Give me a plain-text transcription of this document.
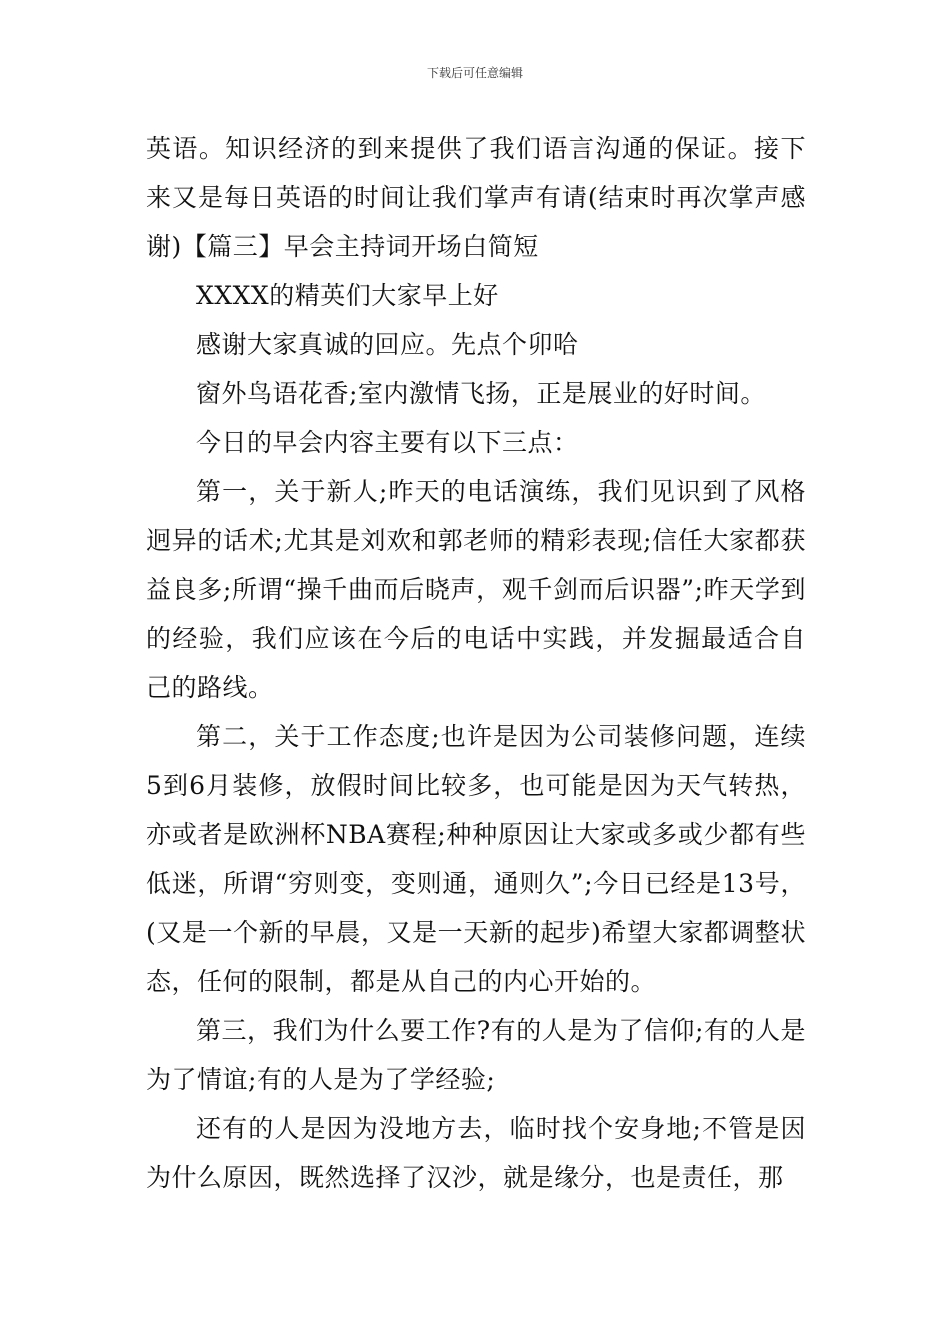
下载后可任意编辑

英语。知识经济的到来提供了我们语言沟通的保证。接下来又是每日英语的时间让我们掌声有请(结束时再次掌声感谢)【篇三】早会主持词开场白简短

XXXX的精英们大家早上好

感谢大家真诚的回应。先点个卯哈

窗外鸟语花香;室内激情飞扬，正是展业的好时间。

今日的早会内容主要有以下三点：

第一，关于新人;昨天的电话演练，我们见识到了风格迥异的话术;尤其是刘欢和郭老师的精彩表现;信任大家都获益良多;所谓“操千曲而后晓声，观千剑而后识器”;昨天学到的经验，我们应该在今后的电话中实践，并发掘最适合自己的路线。

第二，关于工作态度;也许是因为公司装修问题，连续5到6月装修，放假时间比较多，也可能是因为天气转热，亦或者是欧洲杯NBA赛程;种种原因让大家或多或少都有些低迷，所谓“穷则变，变则通，通则久”;今日已经是13号，(又是一个新的早晨，又是一天新的起步)希望大家都调整状态，任何的限制，都是从自己的内心开始的。

第三，我们为什么要工作?有的人是为了信仰;有的人是为了情谊;有的人是为了学经验;

还有的人是因为没地方去，临时找个安身地;不管是因为什么原因，既然选择了汉沙，就是缘分，也是责任，那
